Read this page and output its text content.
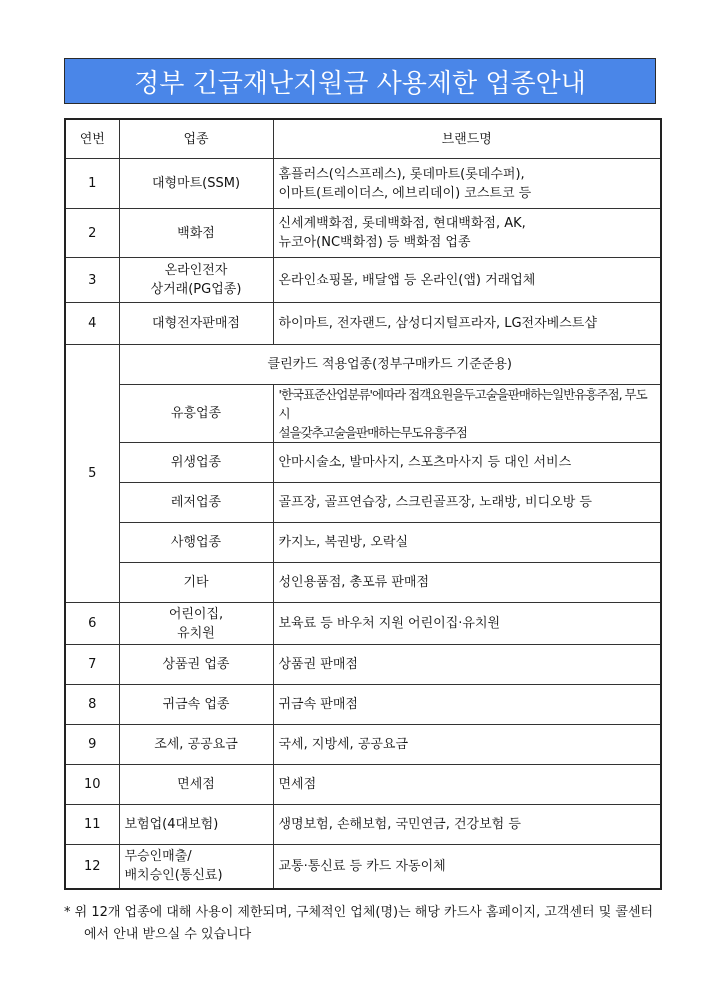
정부 긴급재난지원금 사용제한 업종안내
연번	업종	브랜드명
1	대형마트(SSM)	홈플러스(익스프레스), 롯데마트(롯데수퍼),
이마트(트레이더스, 에브리데이) 코스트코 등

2	백화점	신세계백화점, 롯데백화점, 현대백화점, AK,
뉴코아(NC백화점) 등 백화점 업종

3	온라인전자
상거래(PG업종)	온라인쇼핑몰, 배달앱 등 온라인(앱) 거래업체
4	대형전자판매점	하이마트, 전자랜드, 삼성디지털프라자, LG전자베스트샵
5	클린카드 적용업종(정부구매카드 기준준용)	
	유흥업종	'한국표준산업분류'에따라 접객요원을두고술을판매하는일반유흥주점, 무도시
설을갖추고술을판매하는무도유흥주점

	위생업종	안마시술소, 발마사지, 스포츠마사지 등 대인 서비스
	레저업종	골프장, 골프연습장, 스크린골프장, 노래방, 비디오방 등
	사행업종	카지노, 복권방, 오락실
	기타	성인용품점, 총포류 판매점
6	어린이집,
유치원	보육료 등 바우처 지원 어린이집·유치원
7	상품권 업종	상품권 판매점
8	귀금속 업종	귀금속 판매점
9	조세, 공공요금	국세, 지방세, 공공요금
10	면세점	면세점
11	보험업(4대보험)	생명보험, 손해보험, 국민연금, 건강보험 등
12	무승인매출/
배치승인(통신료)	교통·통신료 등 카드 자동이체
* 위 12개 업종에 대해 사용이 제한되며, 구체적인 업체(명)는 해당 카드사 홈페이지, 고객센터 및 콜센터
에서 안내 받으실 수 있습니다
